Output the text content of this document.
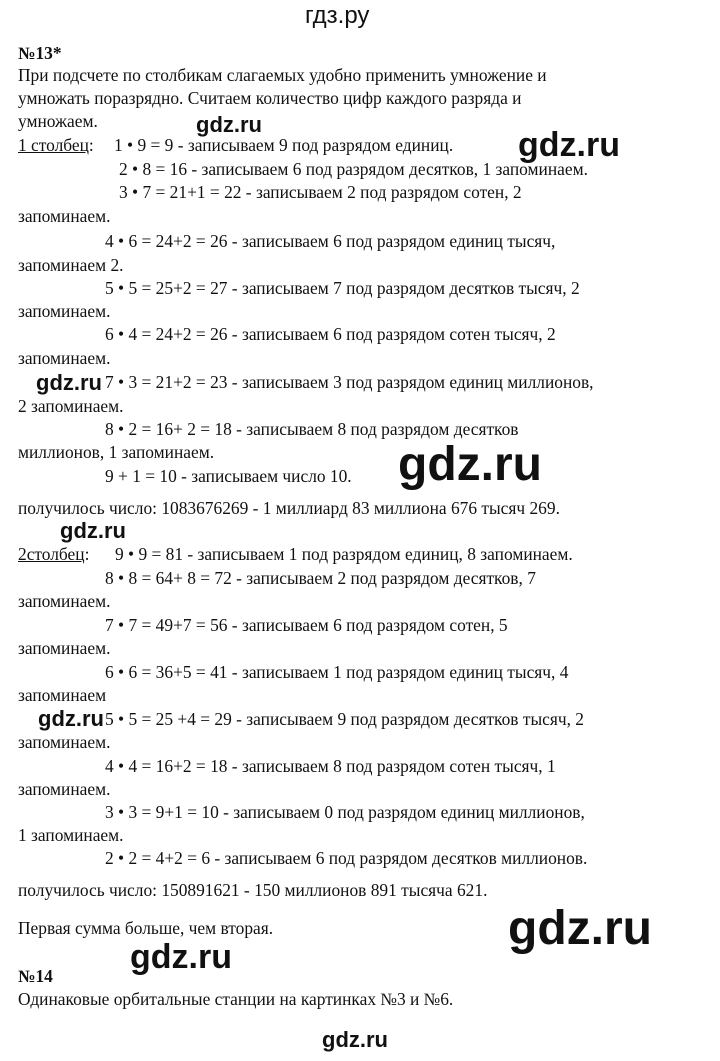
гдз.ру
№13*
При подсчете по столбикам слагаемых удобно применить умножение и
умножать поразрядно. Считаем количество цифр каждого разряда и
умножаем.
1 столбец: 1 • 9 = 9 - записываем 9 под разрядом единиц.
2 • 8 = 16 - записываем 6 под разрядом десятков, 1 запоминаем.
3 • 7 = 21+1 = 22 - записываем 2 под разрядом сотен, 2
запоминаем.
4 • 6 = 24+2 = 26 - записываем 6 под разрядом единиц тысяч,
запоминаем 2.
5 • 5 = 25+2 = 27 - записываем 7 под разрядом десятков тысяч, 2
запоминаем.
6 • 4 = 24+2 = 26 - записываем 6 под разрядом сотен тысяч, 2
запоминаем.
7 • 3 = 21+2 = 23 - записываем 3 под разрядом единиц миллионов,
2 запоминаем.
8 • 2 = 16+ 2 = 18 - записываем 8 под разрядом десятков
миллионов, 1 запоминаем.
9 + 1 = 10 - записываем число 10.
получилось число: 1083676269 - 1 миллиард 83 миллиона 676 тысяч 269.
2столбец: 9 • 9 = 81 - записываем 1 под разрядом единиц, 8 запоминаем.
8 • 8 = 64+ 8 = 72 - записываем 2 под разрядом десятков, 7
запоминаем.
7 • 7 = 49+7 = 56 - записываем 6 под разрядом сотен, 5
запоминаем.
6 • 6 = 36+5 = 41 - записываем 1 под разрядом единиц тысяч, 4
запоминаем
5 • 5 = 25 +4 = 29 - записываем 9 под разрядом десятков тысяч, 2
запоминаем.
4 • 4 = 16+2 = 18 - записываем 8 под разрядом сотен тысяч, 1
запоминаем.
3 • 3 = 9+1 = 10 - записываем 0 под разрядом единиц миллионов,
1 запоминаем.
2 • 2 = 4+2 = 6 - записываем 6 под разрядом десятков миллионов.
получилось число: 150891621 - 150 миллионов 891 тысяча 621.
Первая сумма больше, чем вторая.
№14
Одинаковые орбитальные станции на картинках №3 и №6.
gdz.ru
gdz.ru
gdz.ru
gdz.ru
gdz.ru
gdz.ru
gdz.ru
gdz.ru
gdz.ru
